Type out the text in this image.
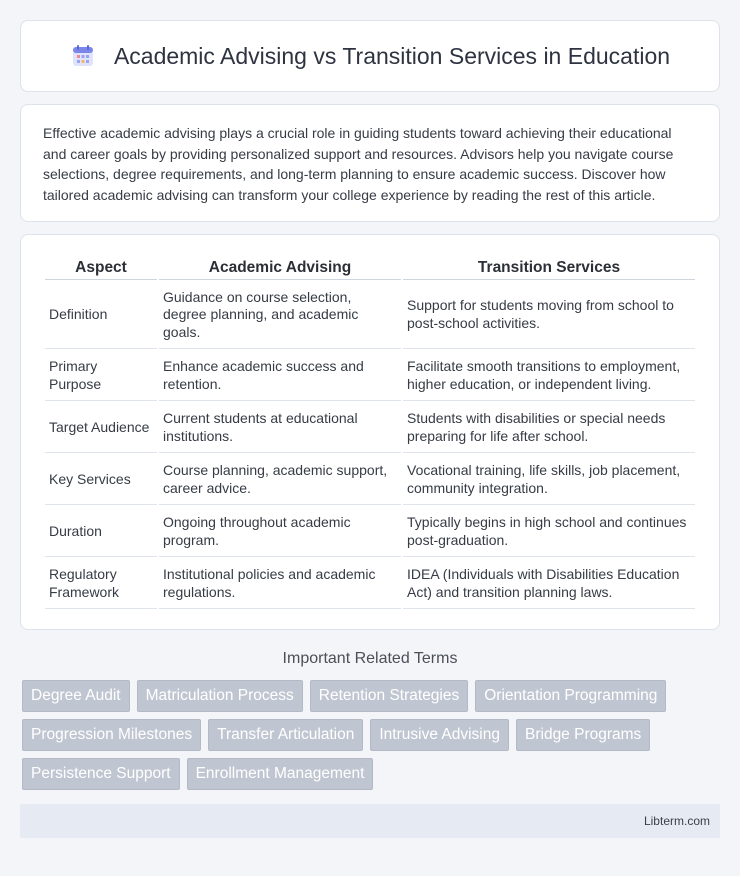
Academic Advising vs Transition Services in Education

Effective academic advising plays a crucial role in guiding students toward achieving their educational and career goals by providing personalized support and resources. Advisors help you navigate course selections, degree requirements, and long-term planning to ensure academic success. Discover how tailored academic advising can transform your college experience by reading the rest of this article.

Aspect	Academic Advising	Transition Services
Definition	Guidance on course selection, degree planning, and academic goals.	Support for students moving from school to post-school activities.
Primary Purpose	Enhance academic success and retention.	Facilitate smooth transitions to employment, higher education, or independent living.
Target Audience	Current students at educational institutions.	Students with disabilities or special needs preparing for life after school.
Key Services	Course planning, academic support, career advice.	Vocational training, life skills, job placement, community integration.
Duration	Ongoing throughout academic program.	Typically begins in high school and continues post-graduation.
Regulatory Framework	Institutional policies and academic regulations.	IDEA (Individuals with Disabilities Education Act) and transition planning laws.
Important Related Terms
Degree Audit	Matriculation Process	Retention Strategies	Orientation Programming
Progression Milestones	Transfer Articulation	Intrusive Advising	Bridge Programs
Persistence Support	Enrollment Management
Libterm.com
